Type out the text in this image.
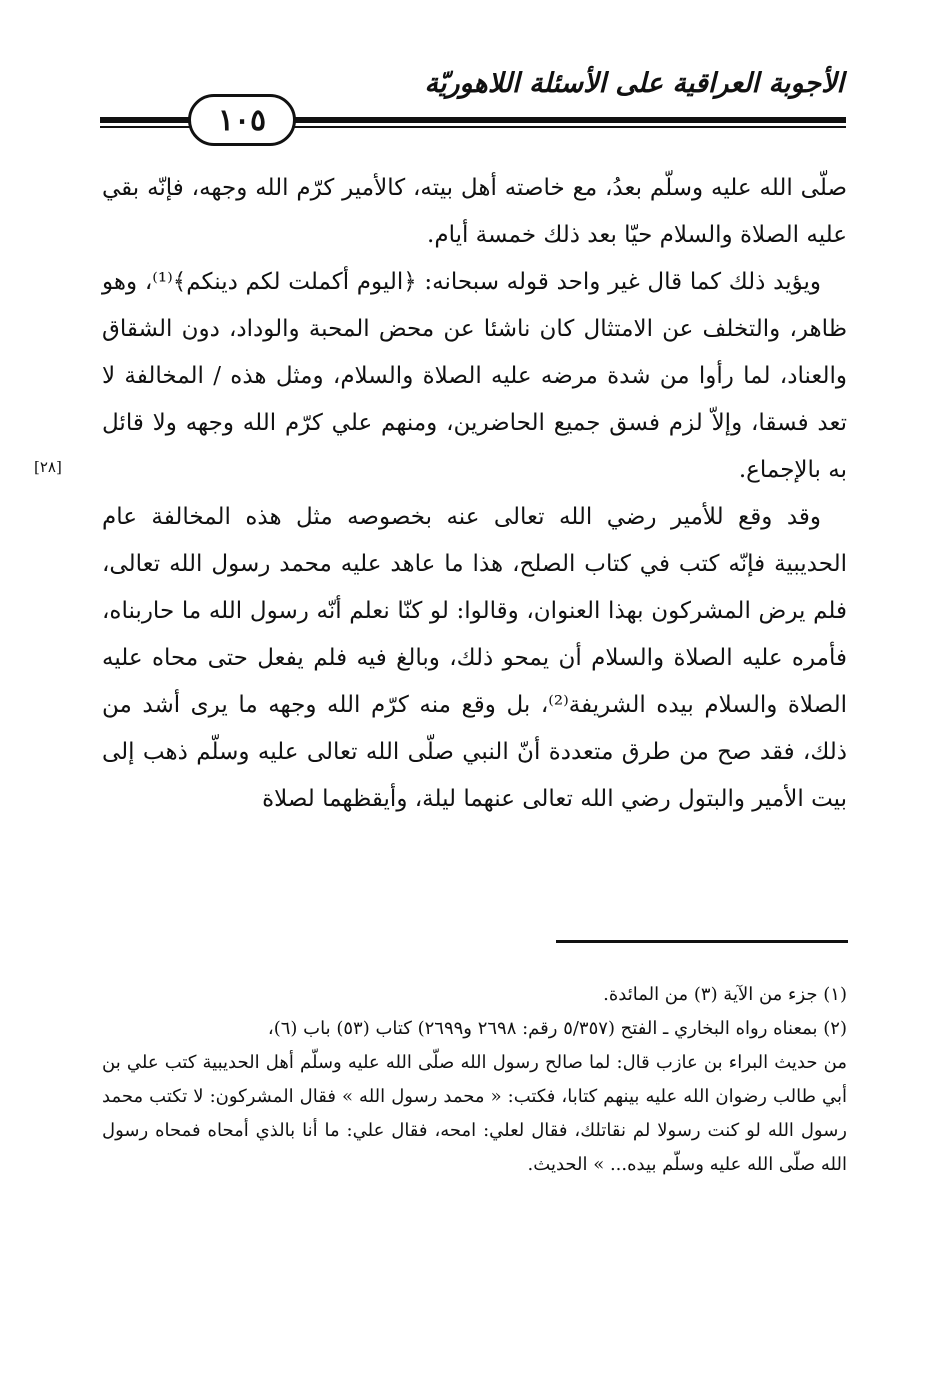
الأجوبة العراقية على الأسئلة اللاهوريّة
١٠٥

صلّى الله عليه وسلّم بعدُ، مع خاصته أهل بيته، كالأمير كرّم الله وجهه، فإنّه بقي عليه الصلاة والسلام حيّا بعد ذلك خمسة أيام.

ويؤيد ذلك كما قال غير واحد قوله سبحانه: ﴿اليوم أكملت لكم دينكم﴾⁽¹⁾، وهو ظاهر، والتخلف عن الامتثال كان ناشئا عن محض المحبة والوداد، دون الشقاق والعناد، لما رأوا من شدة مرضه عليه الصلاة والسلام، ومثل هذه / المخالفة لا تعد فسقا، وإلاّ لزم فسق جميع الحاضرين، ومنهم علي كرّم الله وجهه ولا قائل به بالإجماع.

وقد وقع للأمير رضي الله تعالى عنه بخصوصه مثل هذه المخالفة عام الحديبية فإنّه كتب في كتاب الصلح، هذا ما عاهد عليه محمد رسول الله تعالى، فلم يرض المشركون بهذا العنوان، وقالوا: لو كنّا نعلم أنّه رسول الله ما حاربناه، فأمره عليه الصلاة والسلام أن يمحو ذلك، وبالغ فيه فلم يفعل حتى محاه عليه الصلاة والسلام بيده الشريفة⁽²⁾، بل وقع منه كرّم الله وجهه ما يرى أشد من ذلك، فقد صح من طرق متعددة أنّ النبي صلّى الله تعالى عليه وسلّم ذهب إلى بيت الأمير والبتول رضي الله تعالى عنهما ليلة، وأيقظهما لصلاة

[٢٨]

(١) جزء من الآية (٣) من المائدة.

(٢) بمعناه رواه البخاري ـ الفتح (٥/٣٥٧ رقم: ٢٦٩٨ و٢٦٩٩) كتاب (٥٣) باب (٦)،

من حديث البراء بن عازب قال: لما صالح رسول الله صلّى الله عليه وسلّم أهل الحديبية كتب علي بن أبي طالب رضوان الله عليه بينهم كتابا، فكتب: « محمد رسول الله » فقال المشركون: لا تكتب محمد رسول الله لو كنت رسولا لم نقاتلك، فقال لعلي: امحه، فقال علي: ما أنا بالذي أمحاه فمحاه رسول الله صلّى الله عليه وسلّم بيده... » الحديث.
